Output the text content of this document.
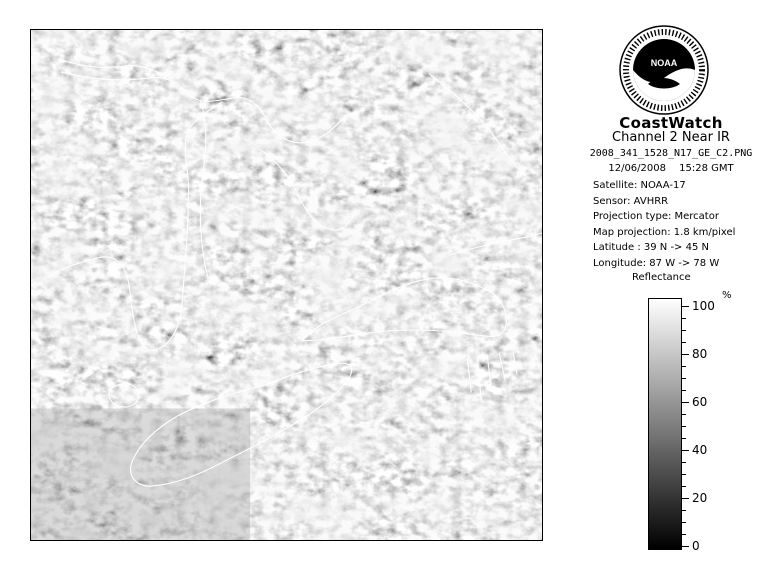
NOAA
CoastWatch
Channel 2 Near IR
2008_341_1528_N17_GE_C2.PNG
12/06/2008 15:28 GMT
Satellite: NOAA-17
Sensor: AVHRR
Projection type: Mercator
Map projection: 1.8 km/pixel
Latitude : 39 N -> 45 N
Longitude: 87 W -> 78 W
Reflectance
%
100
80
60
40
20
0
